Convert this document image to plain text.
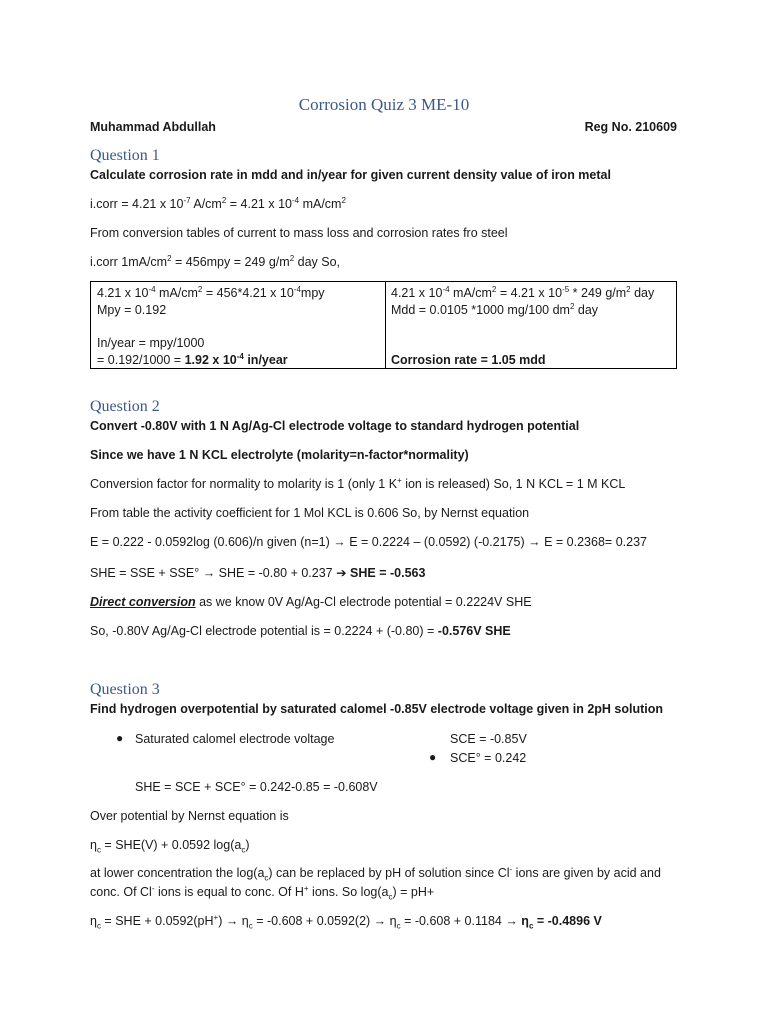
Corrosion Quiz 3 ME-10
Muhammad Abdullah	Reg No. 210609
Question 1
Calculate corrosion rate in mdd and in/year for given current density value of iron metal
i.corr = 4.21 x $10^{-7}$ $A/cm^2 = 4.21$ x $10^{-4}$ $mA/cm^2$
From conversion tables of current to mass loss and corrosion rates fro steel
i.corr $1mA/cm^2 = 456mpy = 249$ $g/m^2$ day So,
4.21 x $10^{-4}$ $mA/cm^2 = 456*4.21$ x $10^{-4}mpy$
Mpy = 0.192
In/year = mpy/1000
= 0.192/1000 = 1.92 x $10^{-4}$ in/year
4.21 x $10^{-4}$ $mA/cm^2 = 4.21$ x $10^{-5} * 249$ $g/m^2$ day
Mdd = 0.0105 *1000 mg/100 $dm^2$ day
Corrosion rate = 1.05 mdd
Question 2
Convert -0.80V with 1 N Ag/Ag-Cl electrode voltage to standard hydrogen potential
Since we have 1 N KCL electrolyte (molarity=n-factor*normality)
Conversion factor for normality to molarity is 1 (only 1 K+ ion is released) So, 1 N KCL = 1 M KCL
From table the activity coefficient for 1 Mol KCL is 0.606 So, by Nernst equation
E = 0.222 - 0.0592log (0.606)/n given (n=1) → E = 0.2224 – (0.0592) (-0.2175) → E = 0.2368= 0.237
SHE = SSE + SSE° → SHE = -0.80 + 0.237 ➔ SHE = -0.563
Direct conversion as we know 0V Ag/Ag-Cl electrode potential = 0.2224V SHE
So, -0.80V Ag/Ag-Cl electrode potential is = 0.2224 + (-0.80) = -0.576V SHE
Question 3
Find hydrogen overpotential by saturated calomel -0.85V electrode voltage given in 2pH solution
● Saturated calomel electrode voltage	SCE = -0.85V
● SCE° = 0.242
SHE = SCE + SCE° = 0.242-0.85 = -0.608V
Over potential by Nernst equation is
$\eta_c = SHE(V) + 0.0592$ $\log(a_c)$
at lower concentration the $\log(a_c)$ can be replaced by pH of solution since Cl- ions are given by acid and
conc. Of Cl- ions is equal to conc. Of H+ ions. So $\log(a_c) = pH+$
$\eta_c$ = SHE + $0.0592(pH^+) \to \eta_c = -0.608 + 0.0592(2) \to \eta_c = -0.608 + 0.1184 \to \eta_c = -0.4896$ V
